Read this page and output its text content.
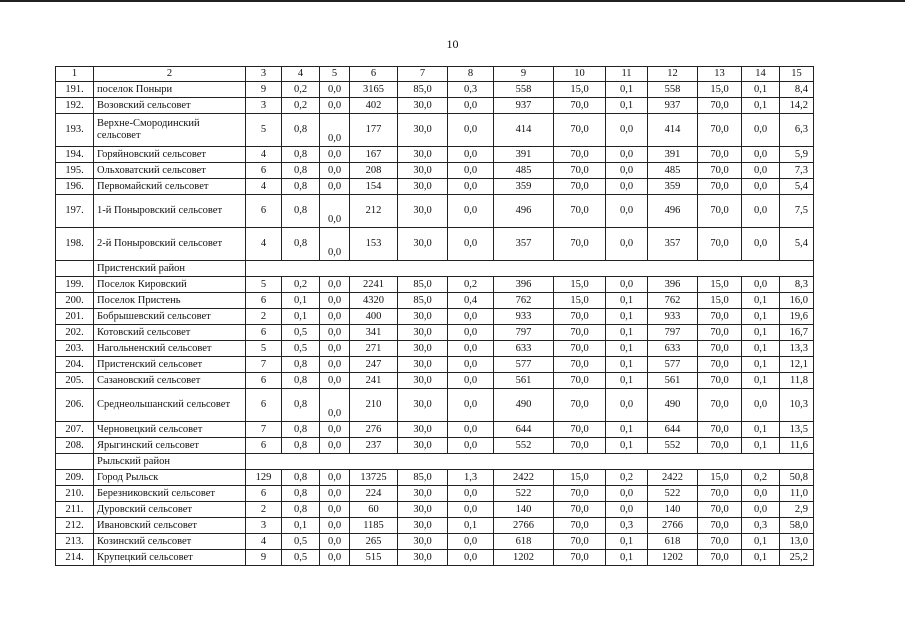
10
1	2	3	4	5	6	7	8	9	10	11	12	13	14	15
191.	поселок Поныри	9	0,2	0,0	3165	85,0	0,3	558	15,0	0,1	558	15,0	0,1	8,4
192.	Возовский сельсовет	3	0,2	0,0	402	30,0	0,0	937	70,0	0,1	937	70,0	0,1	14,2
193.	Верхне-Смородинский сельсовет	5	0,8	0,0	177	30,0	0,0	414	70,0	0,0	414	70,0	0,0	6,3
194.	Горяйновский сельсовет	4	0,8	0,0	167	30,0	0,0	391	70,0	0,0	391	70,0	0,0	5,9
195.	Ольховатский сельсовет	6	0,8	0,0	208	30,0	0,0	485	70,0	0,0	485	70,0	0,0	7,3
196.	Первомайский сельсовет	4	0,8	0,0	154	30,0	0,0	359	70,0	0,0	359	70,0	0,0	5,4
197.	1-й Поныровский сельсовет	6	0,8	0,0	212	30,0	0,0	496	70,0	0,0	496	70,0	0,0	7,5
198.	2-й Поныровский сельсовет	4	0,8	0,0	153	30,0	0,0	357	70,0	0,0	357	70,0	0,0	5,4
	Пристенский район													
199.	Поселок Кировский	5	0,2	0,0	2241	85,0	0,2	396	15,0	0,0	396	15,0	0,0	8,3
200.	Поселок Пристень	6	0,1	0,0	4320	85,0	0,4	762	15,0	0,1	762	15,0	0,1	16,0
201.	Бобрышевский сельсовет	2	0,1	0,0	400	30,0	0,0	933	70,0	0,1	933	70,0	0,1	19,6
202.	Котовский сельсовет	6	0,5	0,0	341	30,0	0,0	797	70,0	0,1	797	70,0	0,1	16,7
203.	Нагольненский сельсовет	5	0,5	0,0	271	30,0	0,0	633	70,0	0,1	633	70,0	0,1	13,3
204.	Пристенский сельсовет	7	0,8	0,0	247	30,0	0,0	577	70,0	0,1	577	70,0	0,1	12,1
205.	Сазановский сельсовет	6	0,8	0,0	241	30,0	0,0	561	70,0	0,1	561	70,0	0,1	11,8
206.	Среднеольшанский сельсовет	6	0,8	0,0	210	30,0	0,0	490	70,0	0,0	490	70,0	0,0	10,3
207.	Черновецкий сельсовет	7	0,8	0,0	276	30,0	0,0	644	70,0	0,1	644	70,0	0,1	13,5
208.	Ярыгинский сельсовет	6	0,8	0,0	237	30,0	0,0	552	70,0	0,1	552	70,0	0,1	11,6
	Рыльский район													
209.	Город Рыльск	129	0,8	0,0	13725	85,0	1,3	2422	15,0	0,2	2422	15,0	0,2	50,8
210.	Березниковский сельсовет	6	0,8	0,0	224	30,0	0,0	522	70,0	0,0	522	70,0	0,0	11,0
211.	Дуровский сельсовет	2	0,8	0,0	60	30,0	0,0	140	70,0	0,0	140	70,0	0,0	2,9
212.	Ивановский сельсовет	3	0,1	0,0	1185	30,0	0,1	2766	70,0	0,3	2766	70,0	0,3	58,0
213.	Козинский сельсовет	4	0,5	0,0	265	30,0	0,0	618	70,0	0,1	618	70,0	0,1	13,0
214.	Крупецкий сельсовет	9	0,5	0,0	515	30,0	0,0	1202	70,0	0,1	1202	70,0	0,1	25,2
